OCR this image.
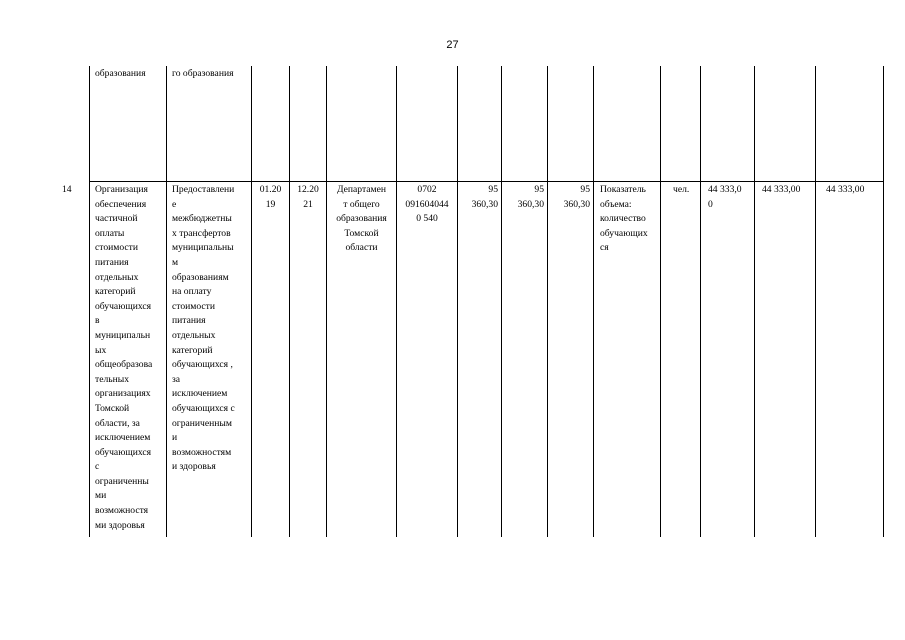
27
образования	го образования
14 Организация
обеспечения
частичной
оплаты
стоимости
питания
отдельных
категорий
обучающихся
в
муниципальн
ых
общеобразова
тельных
организациях
Томской
области, за
исключением
обучающихся
с
ограниченны
ми
возможностя
ми здоровья
Предоставлени
е
межбюджетны
х трансфертов
муниципальны
м
образованиям
на оплату
стоимости
питания
отдельных
категорий
обучающихся ,
за
исключением
обучающихся с
ограниченным
и
возможностям
и здоровья
01.20
19
12.20
21
Департамен
т общего
образования
Томской
области
0702
091604044
0 540
95
360,30
95
360,30
95
360,30
Показатель
объема:
количество
обучающих
ся
чел. 44 333,0
0
44 333,00	44 333,00
